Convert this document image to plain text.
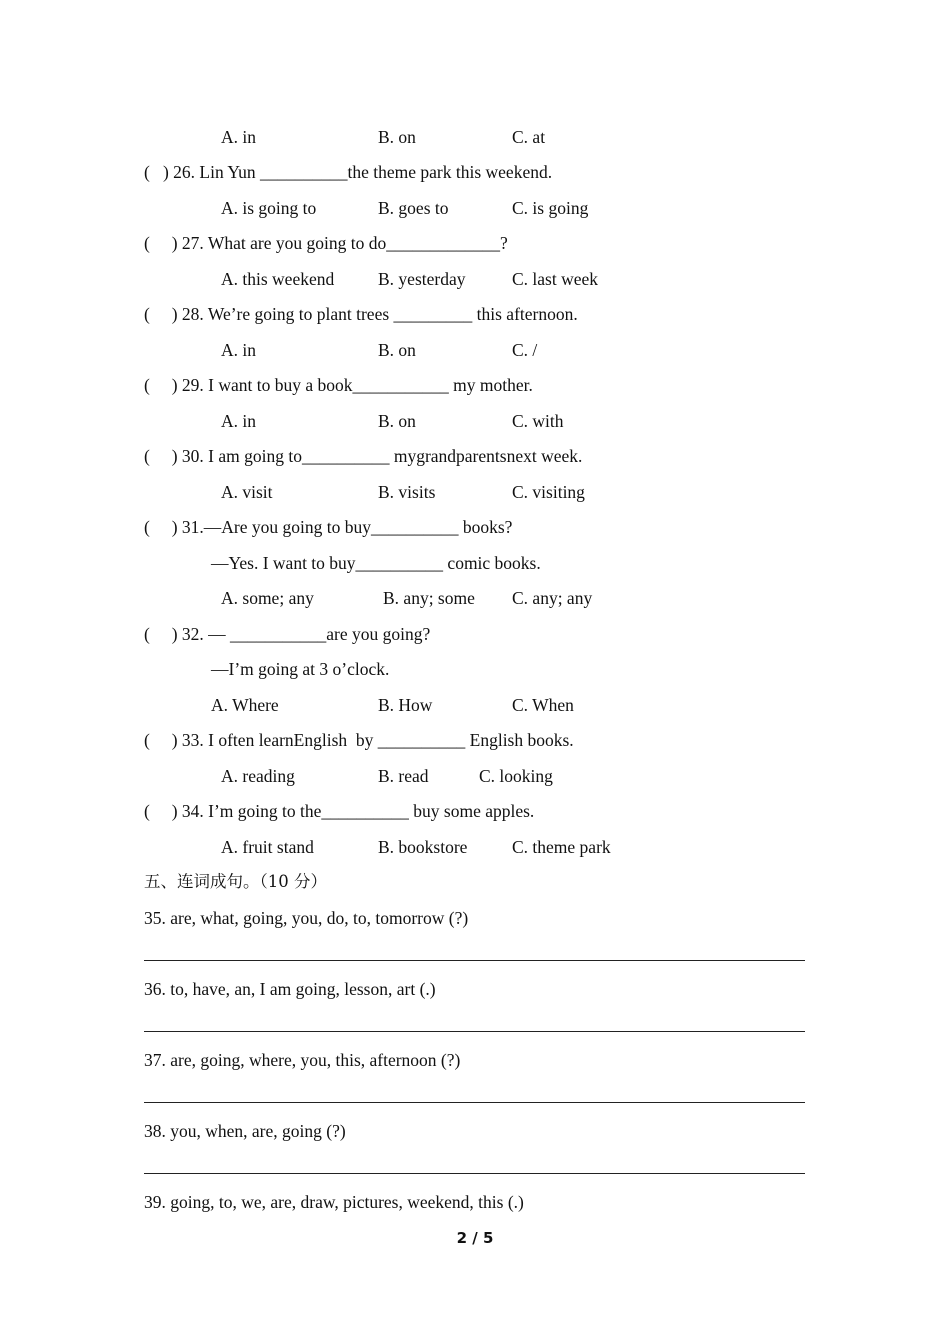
A. in	B. on	C. at
(   ) 26. Lin Yun __________the theme park this weekend.
A. is going to	B. goes to	C. is going
(     ) 27. What are you going to do_____________?
A. this weekend	B. yesterday	C. last week
(     ) 28. We’re going to plant trees _________ this afternoon.
A. in	B. on	C. /
(     ) 29. I want to buy a book___________ my mother.
A. in	B. on	C. with
(     ) 30. I am going to__________ mygrandparentsnext week.
A. visit	B. visits	C. visiting
(     ) 31.—Are you going to buy__________ books?
—Yes. I want to buy__________ comic books.
A. some; any	B. any; some C. any; any
(     ) 32. — ___________are you going?
—I’m going at 3 o’clock.
A. Where	B. How	C. When
(     ) 33. I often learnEnglish  by __________ English books.
A. reading	B. read	C. looking
(     ) 34. I’m going to the__________ buy some apples.
A. fruit stand	B. bookstore	C. theme park
五、连词成句。（10 分）
35. are, what, going, you, do, to, tomorrow (?)
36. to, have, an, I am going, lesson, art (.)
37. are, going, where, you, this, afternoon (?)
38. you, when, are, going (?)
39. going, to, we, are, draw, pictures, weekend, this (.)
2 / 5
